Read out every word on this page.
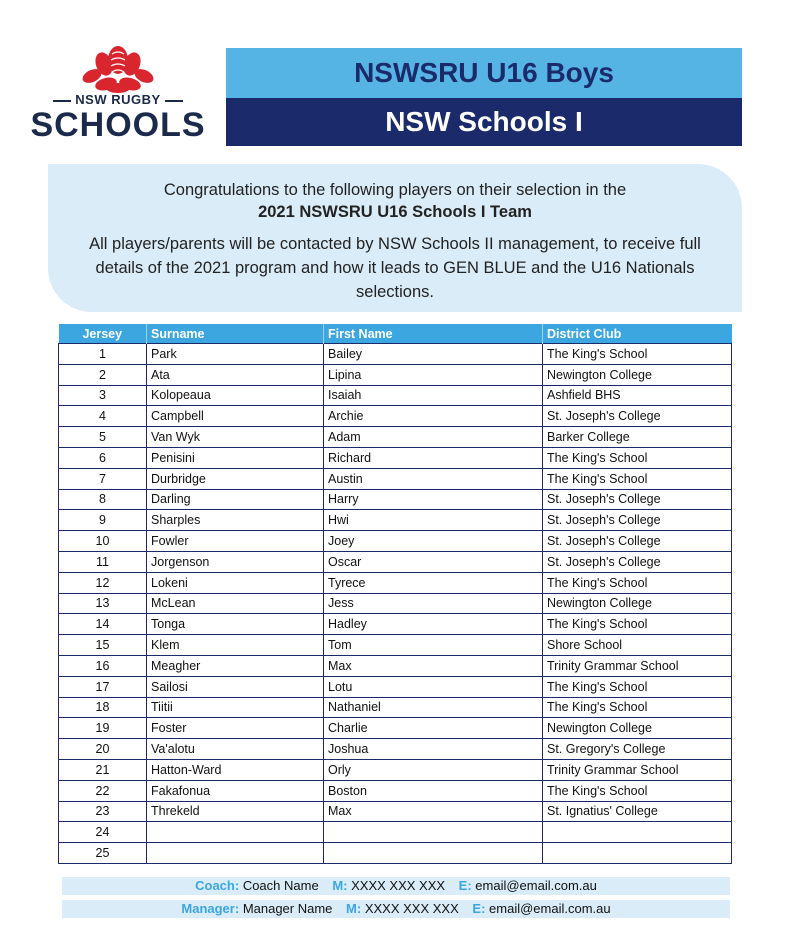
NSW RUGBY
SCHOOLS
NSWSRU U16 Boys
NSW Schools I
Congratulations to the following players on their selection in the
2021 NSWSRU U16 Schools I Team
All players/parents will be contacted by NSW Schools II management, to receive full details of the 2021 program and how it leads to GEN BLUE and the U16 Nationals selections.
Jersey	Surname	First Name	District Club
1	Park	Bailey	The King's School
2	Ata	Lipina	Newington College
3	Kolopeaua	Isaiah	Ashfield BHS
4	Campbell	Archie	St. Joseph's College
5	Van Wyk	Adam	Barker College
6	Penisini	Richard	The King's School
7	Durbridge	Austin	The King's School
8	Darling	Harry	St. Joseph's College
9	Sharples	Hwi	St. Joseph's College
10	Fowler	Joey	St. Joseph's College
11	Jorgenson	Oscar	St. Joseph's College
12	Lokeni	Tyrece	The King's School
13	McLean	Jess	Newington College
14	Tonga	Hadley	The King's School
15	Klem	Tom	Shore School
16	Meagher	Max	Trinity Grammar School
17	Sailosi	Lotu	The King's School
18	Tiitii	Nathaniel	The King's School
19	Foster	Charlie	Newington College
20	Va'alotu	Joshua	St. Gregory's College
21	Hatton-Ward	Orly	Trinity Grammar School
22	Fakafonua	Boston	The King's School
23	Threkeld	Max	St. Ignatius' College
24			
25			
Coach: Coach Name M: XXXX XXX XXX E: email@email.com.au
Manager: Manager Name M: XXXX XXX XXX E: email@email.com.au
